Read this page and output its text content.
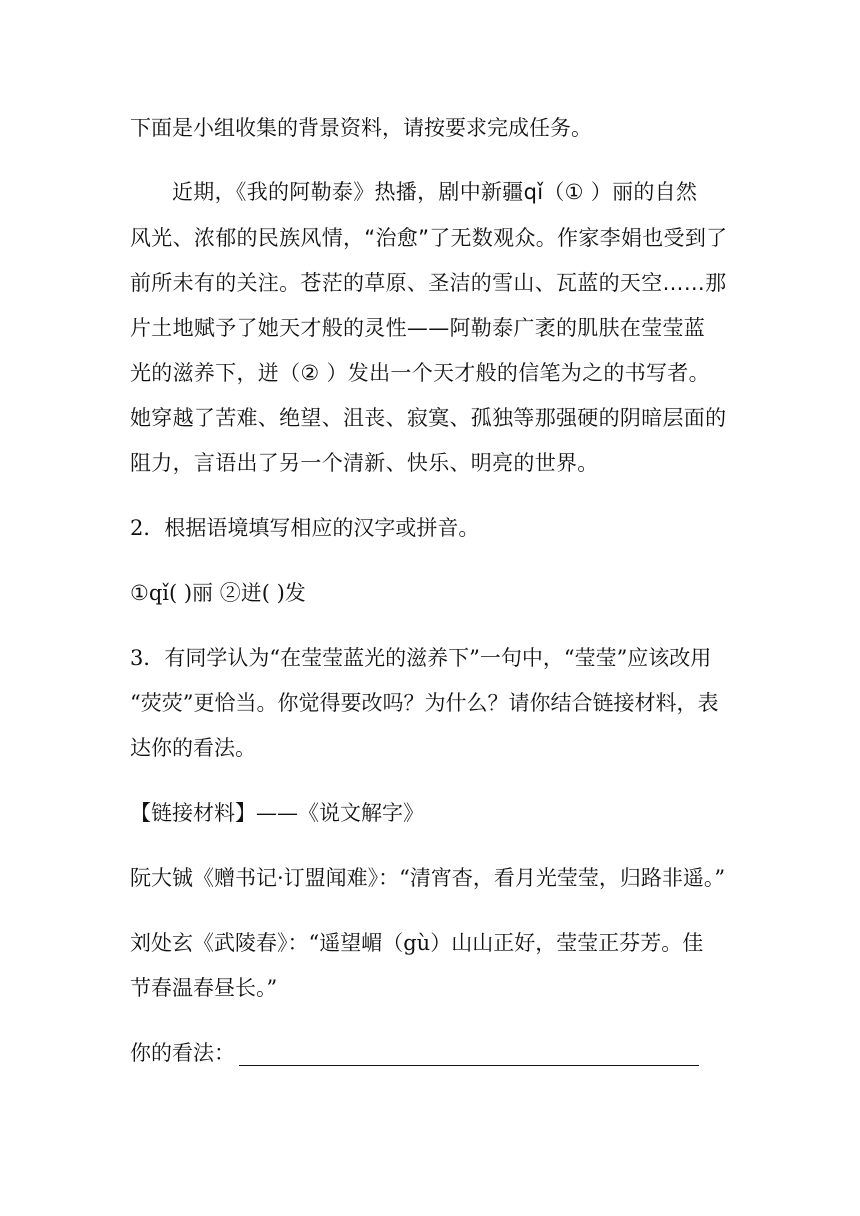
下面是小组收集的背景资料，请按要求完成任务。
近期，《我的阿勒泰》热播，剧中新疆qǐ（① ）丽的自然
风光、浓郁的民族风情，“治愈”了无数观众。作家李娟也受到了
前所未有的关注。苍茫的草原、圣洁的雪山、瓦蓝的天空……那
片土地赋予了她天才般的灵性——阿勒泰广袤的肌肤在莹莹蓝
光的滋养下，迸（② ）发出一个天才般的信笔为之的书写者。
她穿越了苦难、绝望、沮丧、寂寞、孤独等那强硬的阴暗层面的
阻力，言语出了另一个清新、快乐、明亮的世界。
2．根据语境填写相应的汉字或拼音。
①qǐ( )丽 ②迸( )发
3．有同学认为“在莹莹蓝光的滋养下”一句中，“莹莹”应该改用
“荧荧”更恰当。你觉得要改吗？为什么？请你结合链接材料，表
达你的看法。
【链接材料】——《说文解字》
阮大铖《赠书记·订盟闻难》：“清宵杳，看月光莹莹，归路非遥。”
刘处玄《武陵春》：“遥望嵋（gù）山山正好，莹莹正芬芳。佳
节春温春昼长。”
你的看法：
